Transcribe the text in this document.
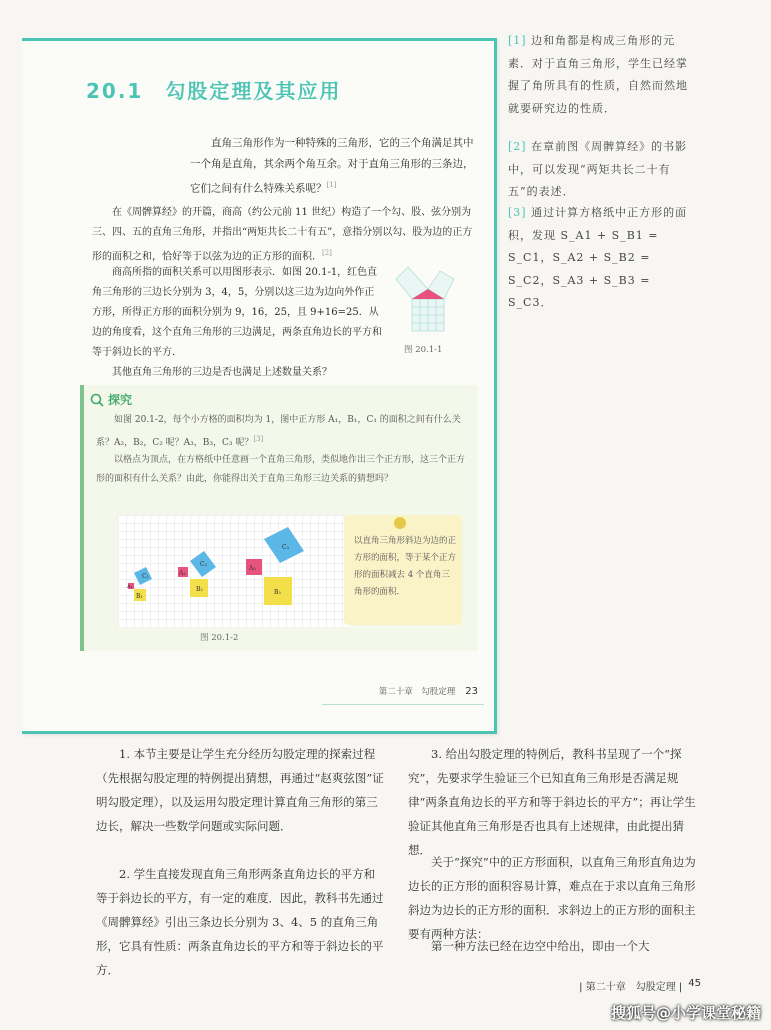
20.1　勾股定理及其应用

直角三角形作为一种特殊的三角形，它的三个角满足其中一个角是直角，其余两个角互余。对于直角三角形的三条边，它们之间有什么特殊关系呢？[1]

在《周髀算经》的开篇，商高（约公元前 11 世纪）构造了一个勾、股、弦分别为三、四、五的直角三角形，并指出“两矩共长二十有五”，意指分别以勾、股为边的正方形的面积之和，恰好等于以弦为边的正方形的面积．[2]

商高所指的面积关系可以用图形表示．如图 20.1-1，红色直角三角形的三边长分别为 3，4，5，分别以这三边为边向外作正方形，所得正方形的面积分别为 9，16，25，且 9+16=25．从边的角度看，这个直角三角形的三边满足，两条直角边长的平方和等于斜边长的平方．	图 20.1-1

其他直角三角形的三边是否也满足上述数量关系？

探究

如图 20.1-2，每个小方格的面积均为 1，图中正方形 A₁，B₁，C₁ 的面积之间有什么关系？A₂，B₂，C₂ 呢？A₃，B₃，C₃ 呢？[3]

以格点为顶点，在方格纸中任意画一个直角三角形，类似地作出三个正方形，这三个正方形的面积有什么关系？由此，你能得出关于直角三角形三边关系的猜想吗？

C₁
A₁
B₁
A₂
B₂
C₂
A₃
B₃
C₃
图 20.1-2

以直角三角形斜边为边的正方形的面积，等于某个正方形的面积减去 4 个直角三角形的面积．

第二十章　勾股定理 23

[1] 边和角都是构成三角形的元素．对于直角三角形，学生已经掌握了角所具有的性质，自然而然地就要研究边的性质．

[2] 在章前图《周髀算经》的书影中，可以发现“两矩共长二十有五”的表述．

[3] 通过计算方格纸中正方形的面积，发现 S_A1 + S_B1 = S_C1，S_A2 + S_B2 = S_C2，S_A3 + S_B3 = S_C3．

1. 本节主要是让学生充分经历勾股定理的探索过程（先根据勾股定理的特例提出猜想，再通过“赵爽弦图”证明勾股定理），以及运用勾股定理计算直角三角形的第三边长，解决一些数学问题或实际问题．

2. 学生直接发现直角三角形两条直角边长的平方和等于斜边长的平方，有一定的难度．因此，教科书先通过《周髀算经》引出三条边长分别为 3、4、5 的直角三角形，它具有性质：两条直角边长的平方和等于斜边长的平方．

3. 给出勾股定理的特例后，教科书呈现了一个“探究”，先要求学生验证三个已知直角三角形是否满足规律“两条直角边长的平方和等于斜边长的平方”；再让学生验证其他直角三角形是否也具有上述规律，由此提出猜想．

关于“探究”中的正方形面积，以直角三角形直角边为边长的正方形的面积容易计算，难点在于求以直角三角形斜边为边长的正方形的面积．求斜边上的正方形的面积主要有两种方法：

第一种方法已经在边空中给出，即由一个大

| 第二十章　勾股定理 | 45
搜狐号@小学课堂秘籍
